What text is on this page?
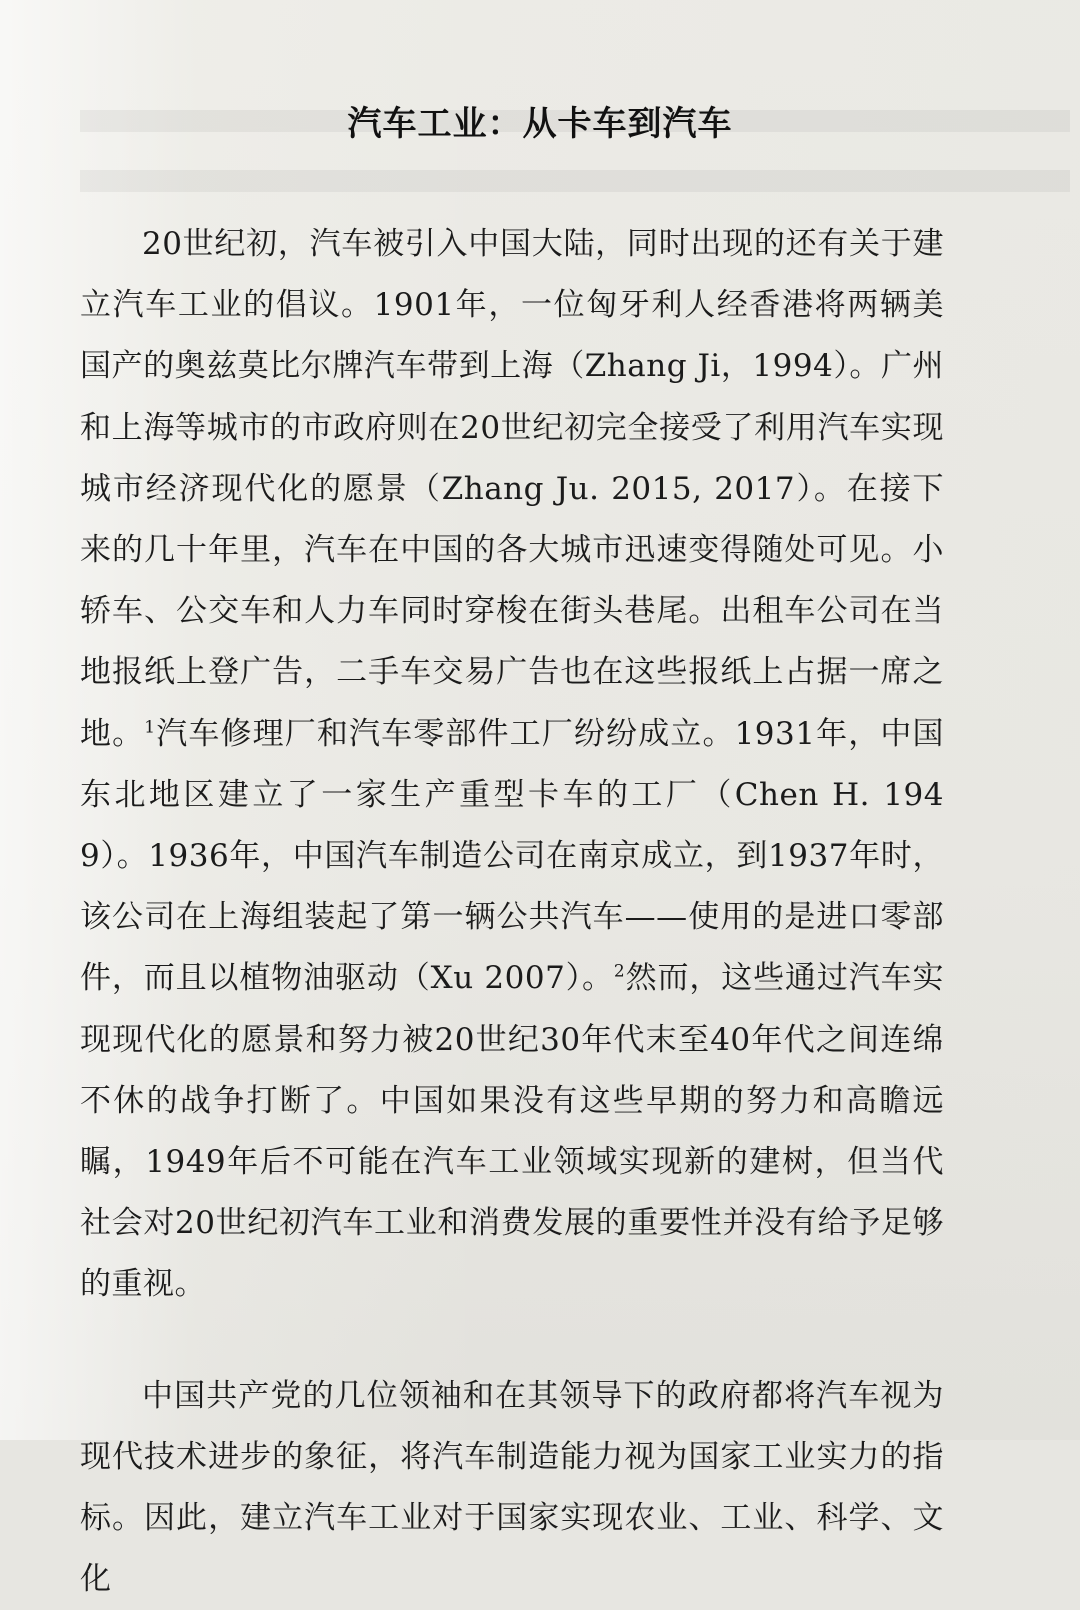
汽车工业：从卡车到汽车

20世纪初，汽车被引入中国大陆，同时出现的还有关于建立汽车工业的倡议。1901年，一位匈牙利人经香港将两辆美国产的奥兹莫比尔牌汽车带到上海（Zhang Ji，1994）。广州和上海等城市的市政府则在20世纪初完全接受了利用汽车实现城市经济现代化的愿景（Zhang Ju. 2015, 2017）。在接下来的几十年里，汽车在中国的各大城市迅速变得随处可见。小轿车、公交车和人力车同时穿梭在街头巷尾。出租车公司在当地报纸上登广告，二手车交易广告也在这些报纸上占据一席之地。$^1$汽车修理厂和汽车零部件工厂纷纷成立。1931年，中国东北地区建立了一家生产重型卡车的工厂（Chen H. 1949）。1936年，中国汽车制造公司在南京成立，到1937年时，该公司在上海组装起了第一辆公共汽车——使用的是进口零部件，而且以植物油驱动（Xu 2007）。$^2$然而，这些通过汽车实现现代化的愿景和努力被20世纪30年代末至40年代之间连绵不休的战争打断了。中国如果没有这些早期的努力和高瞻远瞩，1949年后不可能在汽车工业领域实现新的建树，但当代社会对20世纪初汽车工业和消费发展的重要性并没有给予足够的重视。

中国共产党的几位领袖和在其领导下的政府都将汽车视为现代技术进步的象征，将汽车制造能力视为国家工业实力的指标。因此，建立汽车工业对于国家实现农业、工业、科学、文化
